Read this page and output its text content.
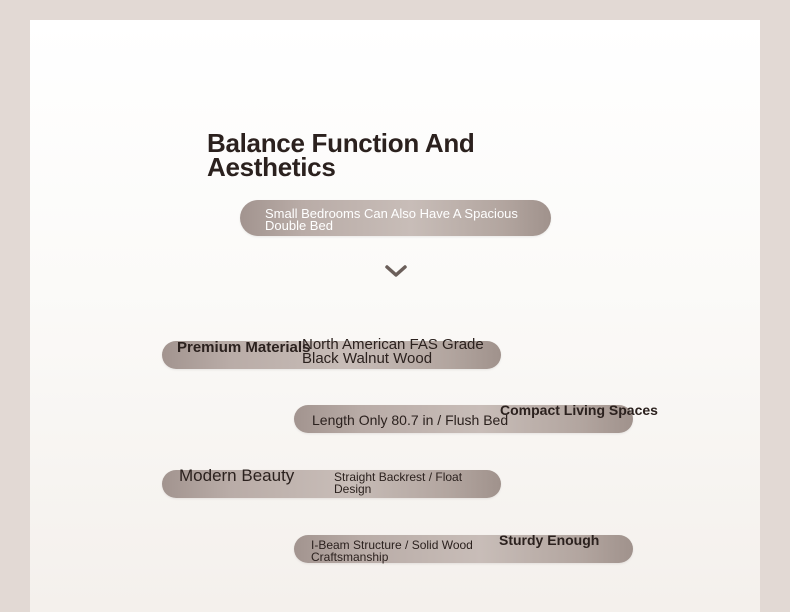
Balance Function And Aesthetics
Small Bedrooms Can Also Have A Spacious Double Bed
Premium Materials
North American FAS Grade Black Walnut Wood
Compact Living Spaces
Length Only 80.7 in / Flush Bed
Modern Beauty	Straight Backrest / Float Design
Sturdy Enough
I-Beam Structure / Solid Wood Craftsmanship
